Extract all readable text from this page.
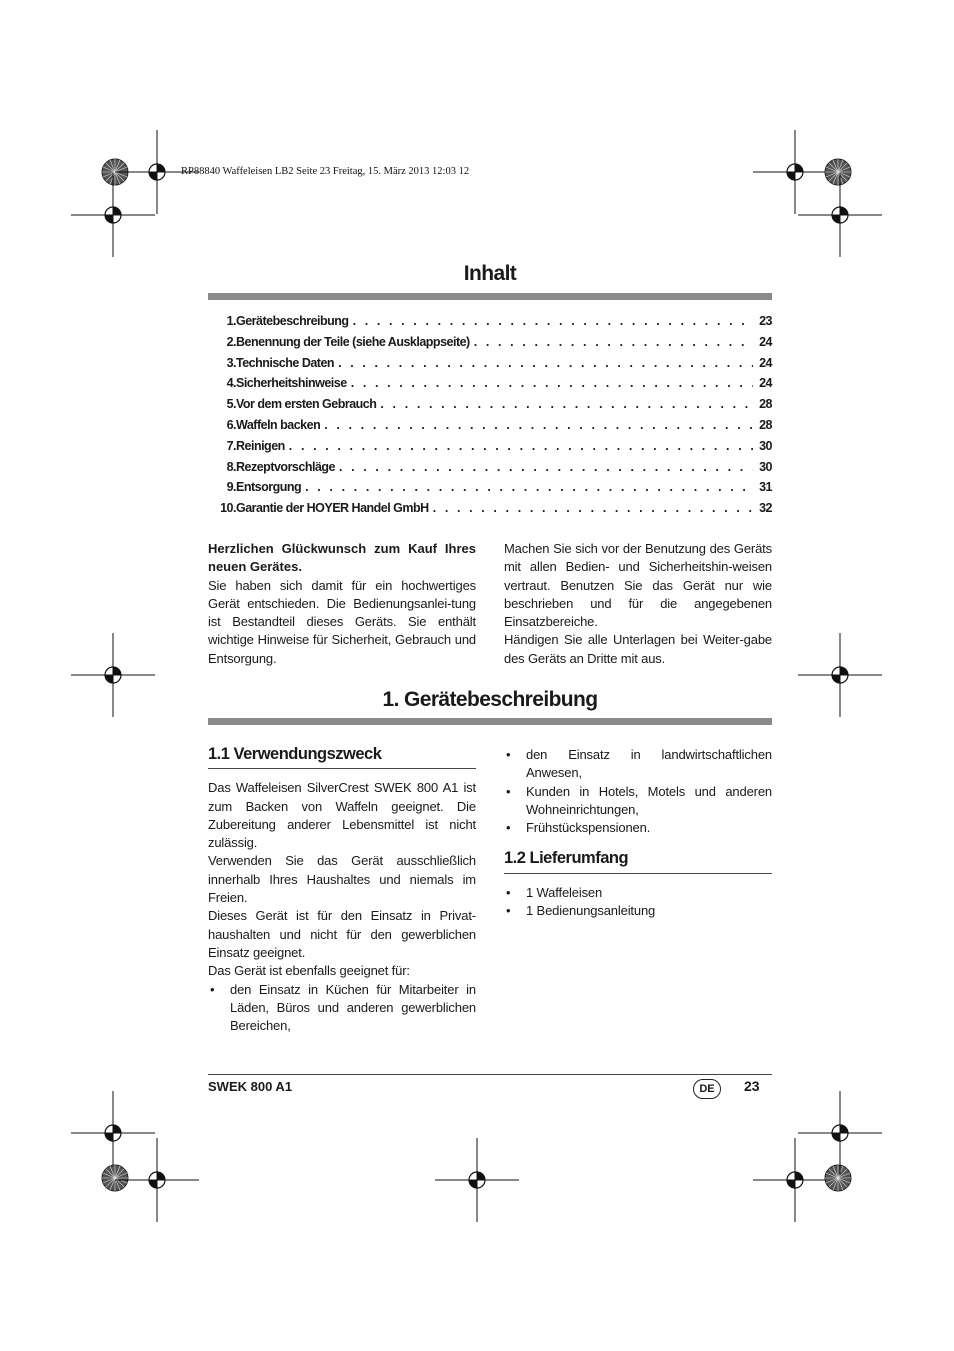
RP88840 Waffeleisen LB2 Seite 23 Freitag, 15. März 2013 12:03 12
Inhalt
1. Gerätebeschreibung . . .	23
2. Benennung der Teile (siehe Ausklappseite) . . .	24
3. Technische Daten . . .	24
4. Sicherheitshinweise . . .	24
5. Vor dem ersten Gebrauch . . .	28
6. Waffeln backen . . .	28
7. Reinigen . . .	30
8. Rezeptvorschläge . . .	30
9. Entsorgung . . .	31
10. Garantie der HOYER Handel GmbH . . .	32

Herzlichen Glückwunsch zum Kauf Ihres neuen Gerätes.

Sie haben sich damit für ein hochwertiges Gerät entschieden. Die Bedienungsanlei-tung ist Bestandteil dieses Geräts. Sie enthält wichtige Hinweise für Sicherheit, Gebrauch und Entsorgung.

Machen Sie sich vor der Benutzung des Geräts mit allen Bedien- und Sicherheitshin-weisen vertraut. Benutzen Sie das Gerät nur wie beschrieben und für die angegebenen Einsatzbereiche.

Händigen Sie alle Unterlagen bei Weiter-gabe des Geräts an Dritte mit aus.

1. Gerätebeschreibung
1.1 Verwendungszweck

Das Waffeleisen SilverCrest SWEK 800 A1 ist zum Backen von Waffeln geeignet. Die Zubereitung anderer Lebensmittel ist nicht zulässig.

Verwenden Sie das Gerät ausschließlich innerhalb Ihres Haushaltes und niemals im Freien.

Dieses Gerät ist für den Einsatz in Privat-haushalten und nicht für den gewerblichen Einsatz geeignet.

Das Gerät ist ebenfalls geeignet für:

• den Einsatz in Küchen für Mitarbeiter in Läden, Büros und anderen gewerblichen Bereichen,
• den Einsatz in landwirtschaftlichen Anwesen,
• Kunden in Hotels, Motels und anderen Wohneinrichtungen,
• Frühstückspensionen.
1.2 Lieferumfang
• 1 Waffeleisen
• 1 Bedienungsanleitung
SWEK 800 A1	DE	23
